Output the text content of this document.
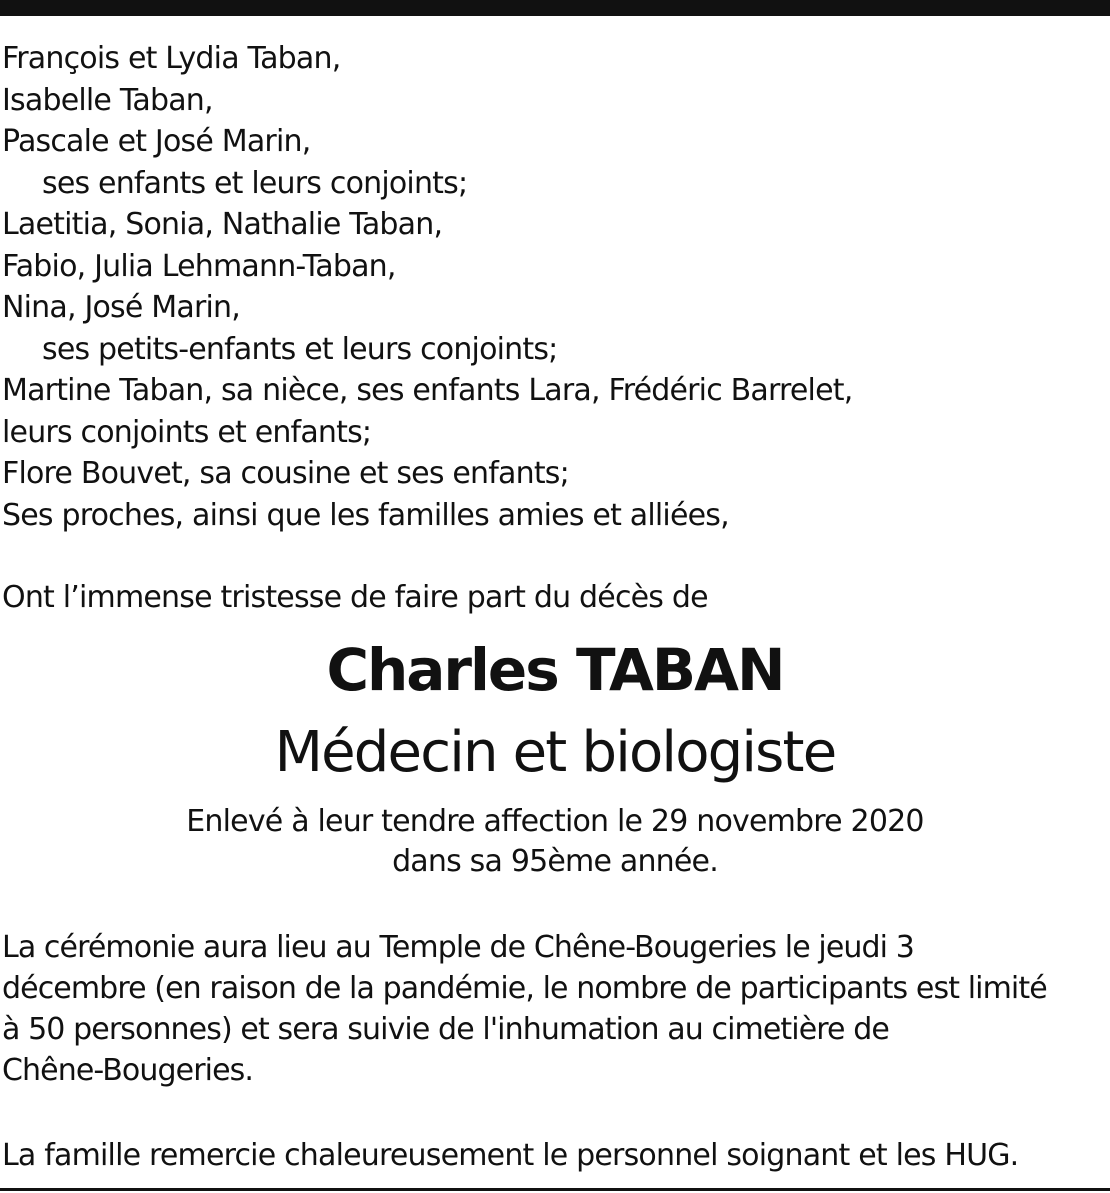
François et Lydia Taban,
Isabelle Taban,
Pascale et José Marin,
ses enfants et leurs conjoints;
Laetitia, Sonia, Nathalie Taban,
Fabio, Julia Lehmann-Taban,
Nina, José Marin,
ses petits-enfants et leurs conjoints;
Martine Taban, sa nièce, ses enfants Lara, Frédéric Barrelet,
leurs conjoints et enfants;
Flore Bouvet, sa cousine et ses enfants;
Ses proches, ainsi que les familles amies et alliées,
Ont l’immense tristesse de faire part du décès de
Charles TABAN
Médecin et biologiste
Enlevé à leur tendre affection le 29 novembre 2020
dans sa 95ème année.
La cérémonie aura lieu au Temple de Chêne-Bougeries le jeudi 3
décembre (en raison de la pandémie, le nombre de participants est limité
à 50 personnes) et sera suivie de l'inhumation au cimetière de
Chêne-Bougeries.
La famille remercie chaleureusement le personnel soignant et les HUG.
